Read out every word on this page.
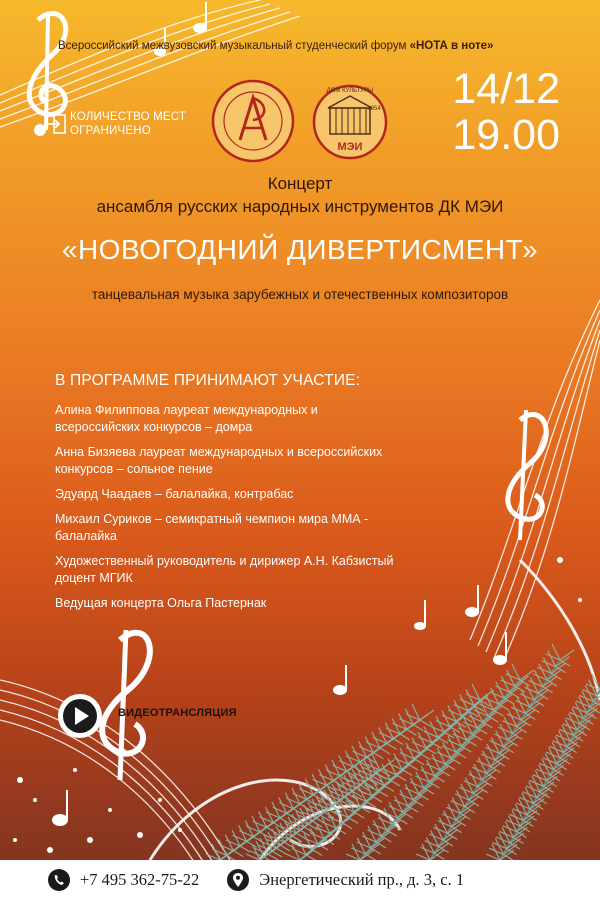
Всероссийский межвузовский музыкальный студенческий форум «НОТА в ноте»
КОЛИЧЕСТВО МЕСТ
ОГРАНИЧЕНО
МЭИ
ДОМ КУЛЬТУРЫ
1954	14/12
19.00
Концерт
ансамбля русских народных инструментов ДК МЭИ
«НОВОГОДНИЙ ДИВЕРТИСМЕНТ»
танцевальная музыка зарубежных и отечественных композиторов
В ПРОГРАММЕ ПРИНИМАЮТ УЧАСТИЕ:
Алина Филиппова лауреат международных и
всероссийских конкурсов – домра
Анна Бизяева лауреат международных и всероссийских
конкурсов – сольное пение
Эдуард Чаадаев – балалайка, контрабас
Михаил Суриков – семикратный чемпион мира ММА -
балалайка
Художественный руководитель и дирижер А.Н. Кабзистый
доцент МГИК
Ведущая концерта Ольга Пастернак
ВИДЕОТРАНСЛЯЦИЯ
+7 495 362-75-22	Энергетический пр., д. 3, с. 1
